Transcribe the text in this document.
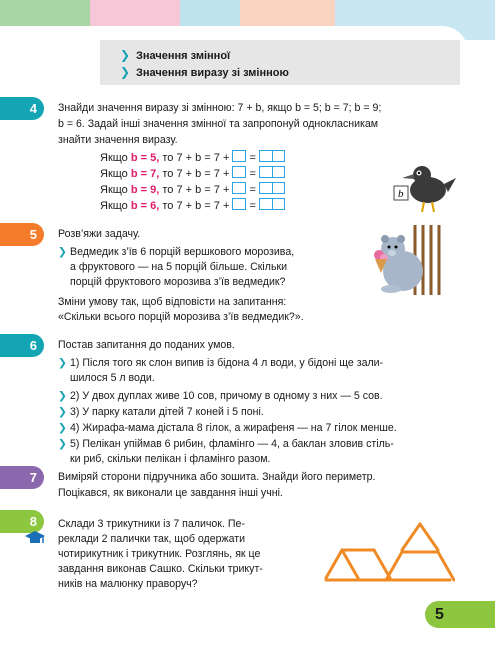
❯ Значення змінної
❯ Значення виразу зі змінною
4	Знайди значення виразу зі змінною: 7 + b, якщо b = 5; b = 7; b = 9;
b = 6. Задай інші значення змінної та запропонуй однокласникам
знайти значення виразу.
Якщо b = 5, то 7 + b = 7 +  =
Якщо b = 7, то 7 + b = 7 +  =
Якщо b = 9, то 7 + b = 7 +  =
Якщо b = 6, то 7 + b = 7 +  =
b
5	Розв’яжи задачу.
❯ Ведмедик з’їв 6 порцій вершкового морозива,
а фруктового — на 5 порцій більше. Скільки
порцій фруктового морозива з’їв ведмедик?
Зміни умову так, щоб відповісти на запитання:
«Скільки всього порцій морозива з’їв ведмедик?».
6	Постав запитання до поданих умов.
❯ 1) Після того як слон випив із бідона 4 л води, у бідоні ще зали-
шилося 5 л води.
❯ 2) У двох дуплах живе 10 сов, причому в одному з них — 5 сов.
❯ 3) У парку катали дітей 7 коней і 5 поні.
❯ 4) Жирафа-мама дістала 8 гілок, а жирафеня — на 7 гілок менше.
❯ 5) Пелікан упіймав 6 рибин, фламінго — 4, а баклан зловив стіль-
ки риб, скільки пелікан і фламінго разом.
7	Виміряй сторони підручника або зошита. Знайди його периметр.
Поцікався, як виконали це завдання інші учні.
8	Склади 3 трикутники із 7 паличок. Пе-
реклади 2 палички так, щоб одержати
чотирикутник і трикутник. Розглянь, як це
завдання виконав Сашко. Скільки трикут-
ників на малюнку праворуч?
5
